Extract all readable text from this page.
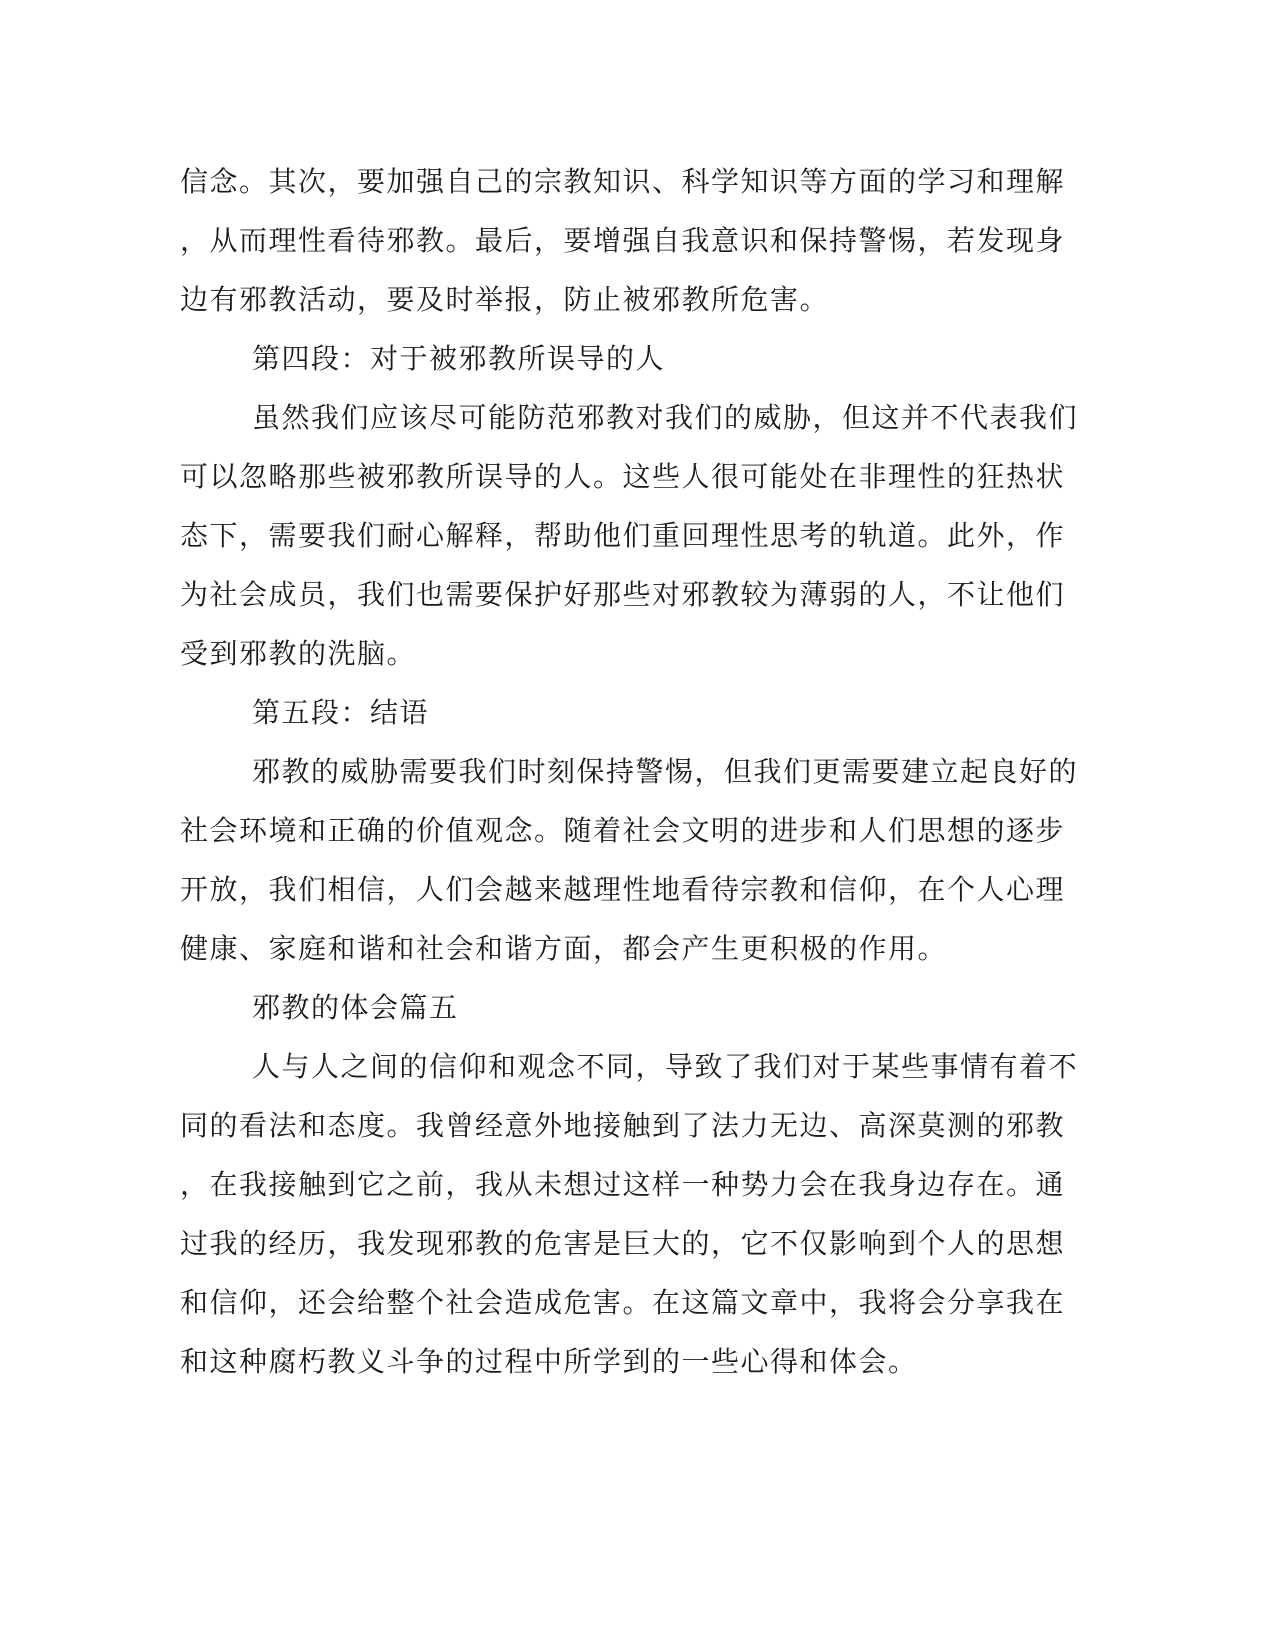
信念。其次，要加强自己的宗教知识、科学知识等方面的学习和理解
，从而理性看待邪教。最后，要增强自我意识和保持警惕，若发现身
边有邪教活动，要及时举报，防止被邪教所危害。
第四段：对于被邪教所误导的人
虽然我们应该尽可能防范邪教对我们的威胁，但这并不代表我们
可以忽略那些被邪教所误导的人。这些人很可能处在非理性的狂热状
态下，需要我们耐心解释，帮助他们重回理性思考的轨道。此外，作
为社会成员，我们也需要保护好那些对邪教较为薄弱的人，不让他们
受到邪教的洗脑。
第五段：结语
邪教的威胁需要我们时刻保持警惕，但我们更需要建立起良好的
社会环境和正确的价值观念。随着社会文明的进步和人们思想的逐步
开放，我们相信，人们会越来越理性地看待宗教和信仰，在个人心理
健康、家庭和谐和社会和谐方面，都会产生更积极的作用。
邪教的体会篇五
人与人之间的信仰和观念不同，导致了我们对于某些事情有着不
同的看法和态度。我曾经意外地接触到了法力无边、高深莫测的邪教
，在我接触到它之前，我从未想过这样一种势力会在我身边存在。通
过我的经历，我发现邪教的危害是巨大的，它不仅影响到个人的思想
和信仰，还会给整个社会造成危害。在这篇文章中，我将会分享我在
和这种腐朽教义斗争的过程中所学到的一些心得和体会。
